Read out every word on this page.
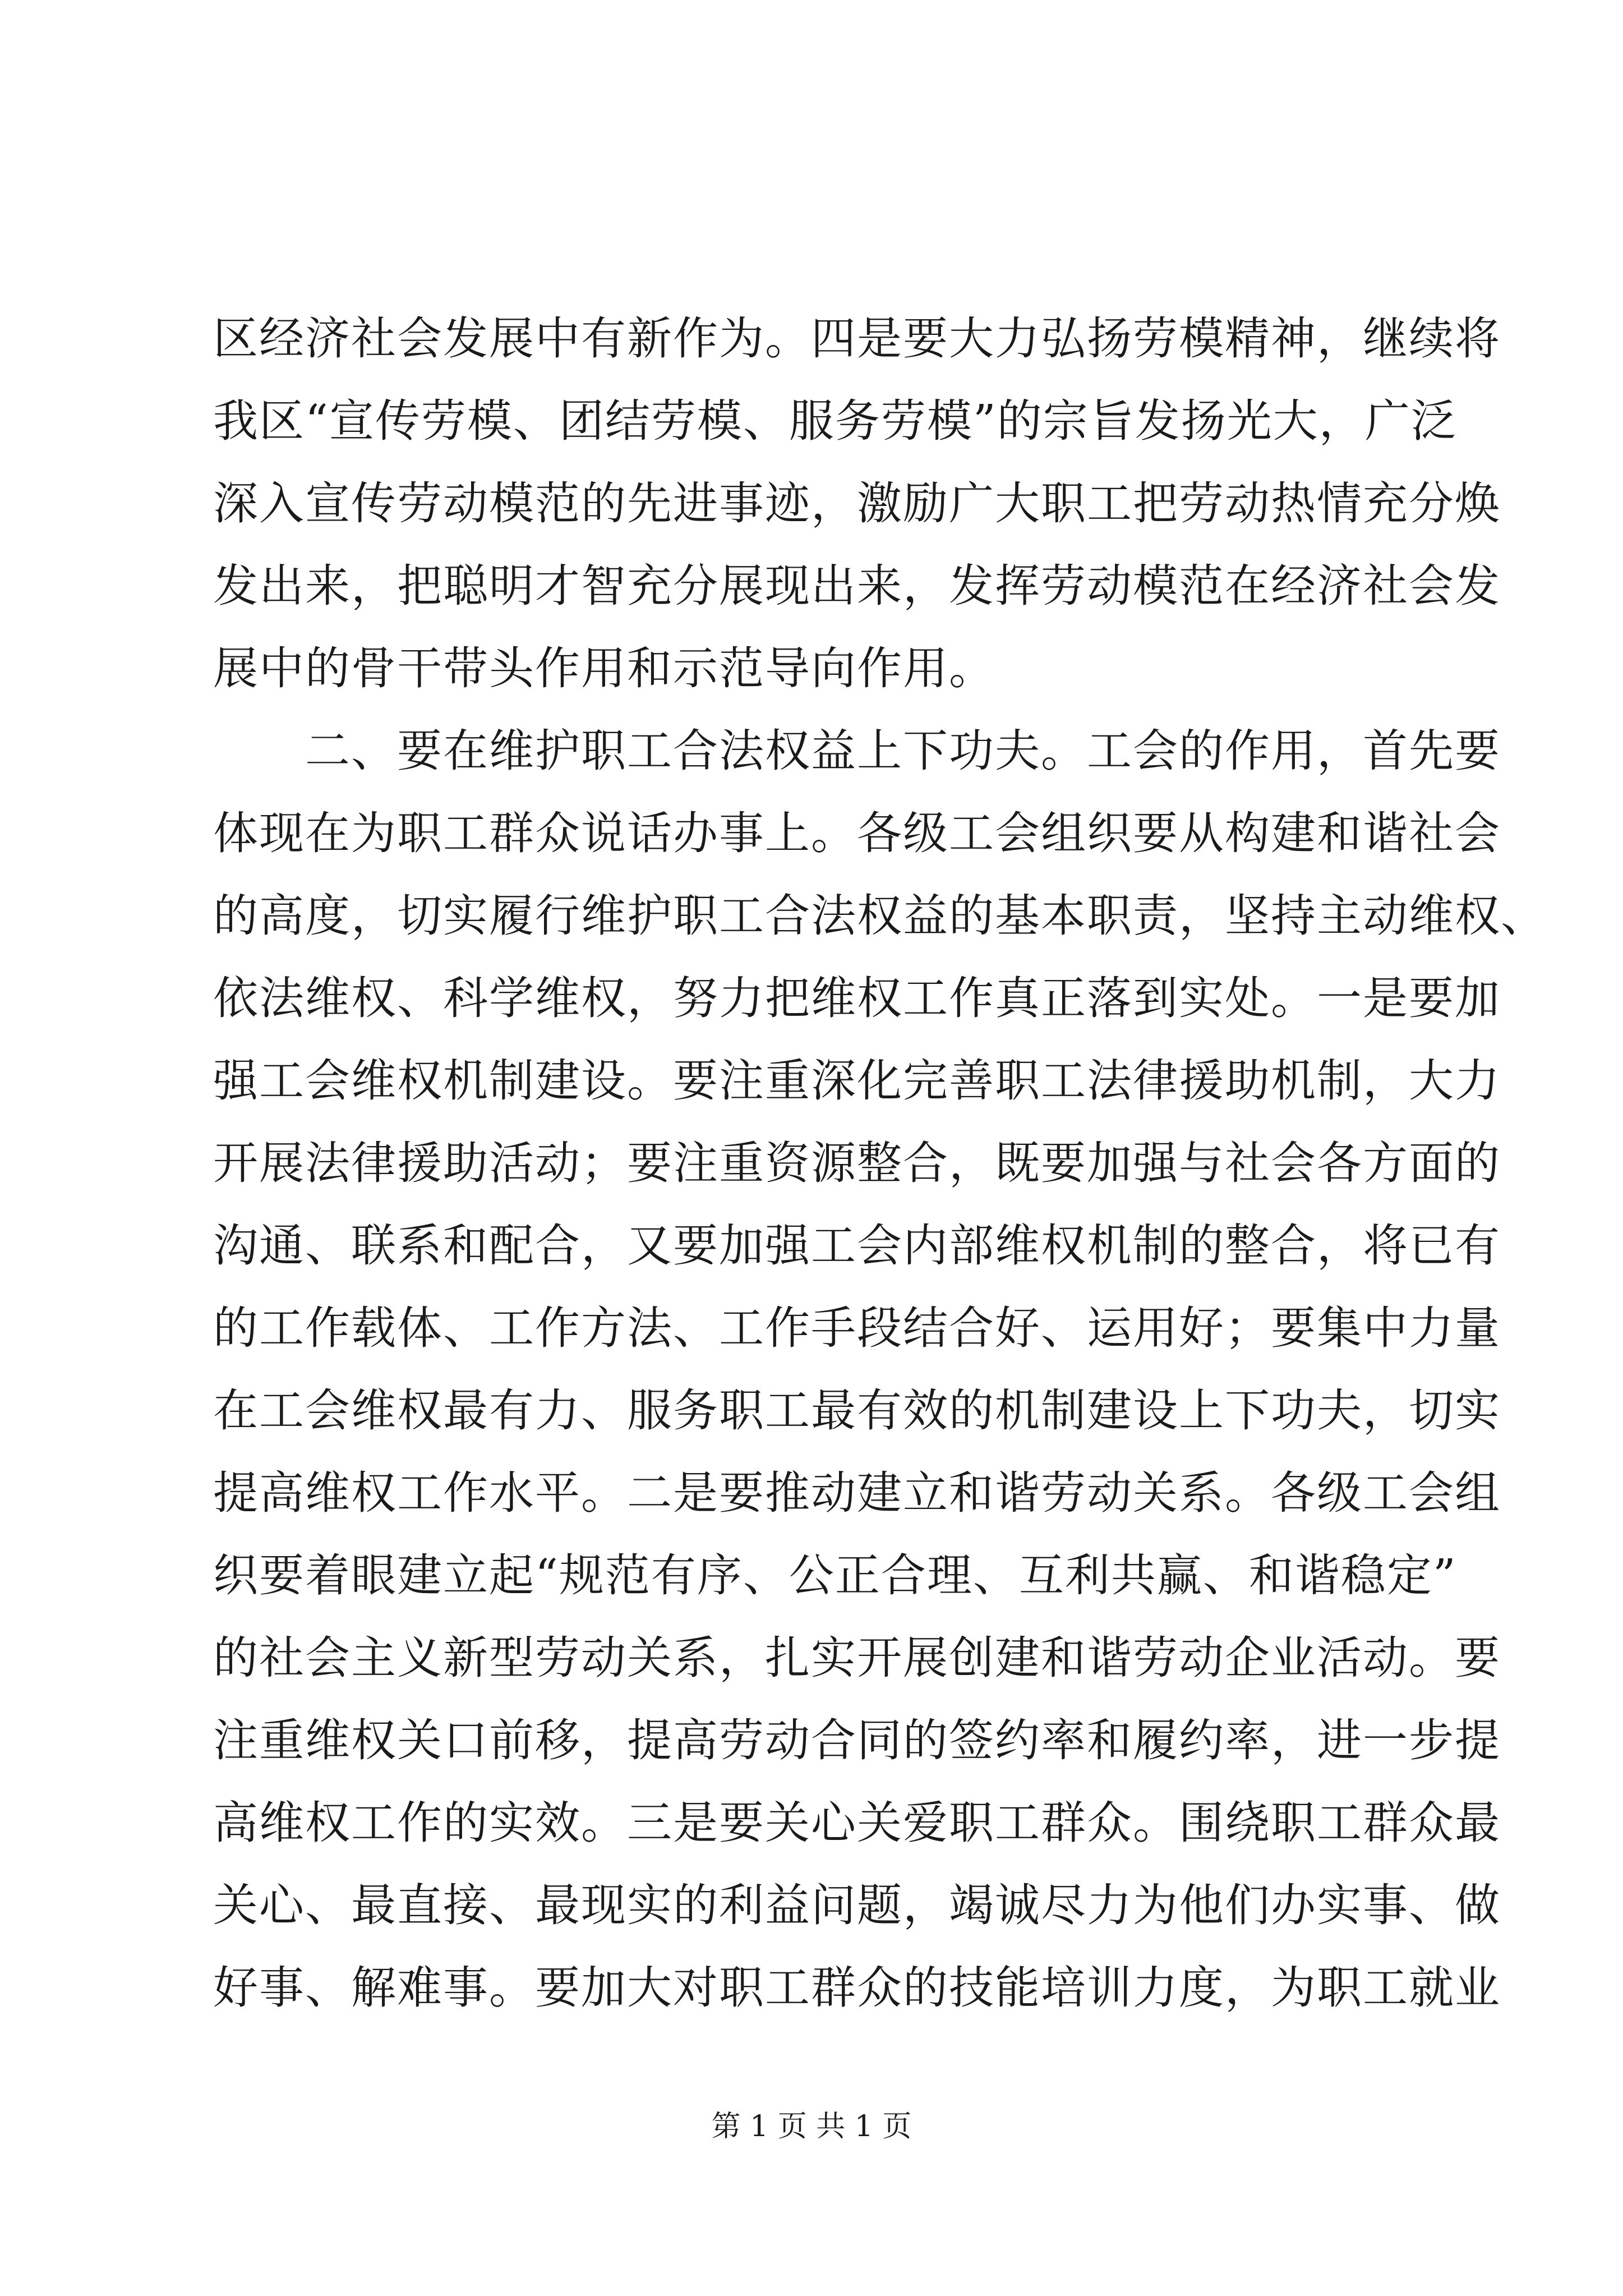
区经济社会发展中有新作为。四是要大力弘扬劳模精神，继续将
我区“宣传劳模、团结劳模、服务劳模”的宗旨发扬光大，广泛
深入宣传劳动模范的先进事迹，激励广大职工把劳动热情充分焕
发出来，把聪明才智充分展现出来，发挥劳动模范在经济社会发
展中的骨干带头作用和示范导向作用。
　　二、要在维护职工合法权益上下功夫。工会的作用，首先要
体现在为职工群众说话办事上。各级工会组织要从构建和谐社会
的高度，切实履行维护职工合法权益的基本职责，坚持主动维权、
依法维权、科学维权，努力把维权工作真正落到实处。一是要加
强工会维权机制建设。要注重深化完善职工法律援助机制，大力
开展法律援助活动；要注重资源整合，既要加强与社会各方面的
沟通、联系和配合，又要加强工会内部维权机制的整合，将已有
的工作载体、工作方法、工作手段结合好、运用好；要集中力量
在工会维权最有力、服务职工最有效的机制建设上下功夫，切实
提高维权工作水平。二是要推动建立和谐劳动关系。各级工会组
织要着眼建立起“规范有序、公正合理、互利共赢、和谐稳定”
的社会主义新型劳动关系，扎实开展创建和谐劳动企业活动。要
注重维权关口前移，提高劳动合同的签约率和履约率，进一步提
高维权工作的实效。三是要关心关爱职工群众。围绕职工群众最
关心、最直接、最现实的利益问题，竭诚尽力为他们办实事、做
好事、解难事。要加大对职工群众的技能培训力度，为职工就业
第 1 页 共 1 页
